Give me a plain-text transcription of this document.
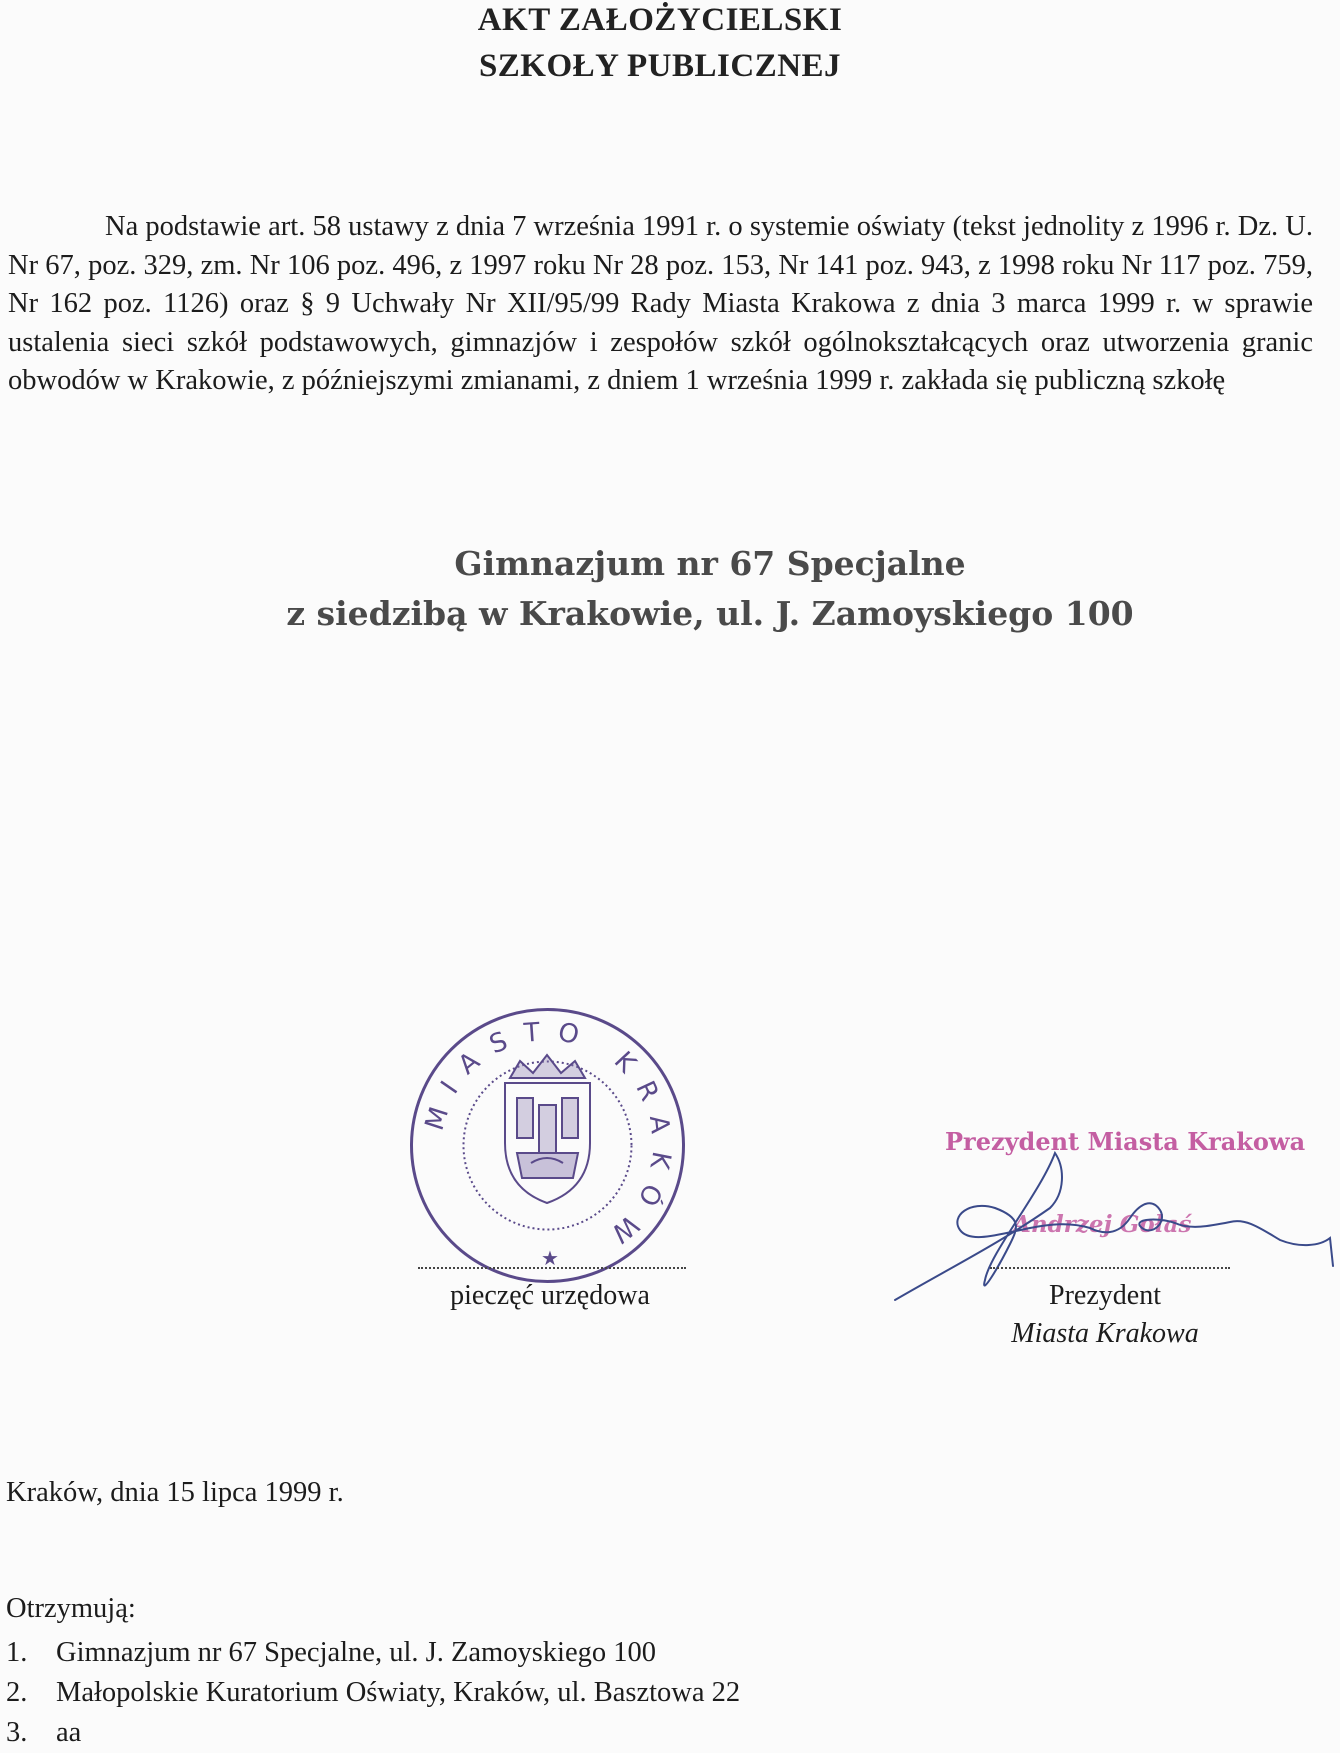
AKT ZAŁOŻYCIELSKI
SZKOŁY PUBLICZNEJ
Na podstawie art. 58 ustawy z dnia 7 września 1991 r. o systemie oświaty (tekst jednolity z 1996 r. Dz. U. Nr 67, poz. 329, zm. Nr 106 poz. 496, z 1997 roku Nr 28 poz. 153, Nr 141 poz. 943, z 1998 roku Nr 117 poz. 759, Nr 162 poz. 1126) oraz § 9 Uchwały Nr XII/95/99 Rady Miasta Krakowa z dnia 3 marca 1999 r. w sprawie ustalenia sieci szkół podstawowych, gimnazjów i zespołów szkół ogólnokształcących oraz utworzenia granic obwodów w Krakowie, z późniejszymi zmianami, z dniem 1 września 1999 r. zakłada się publiczną szkołę
Gimnazjum nr 67 Specjalne
z siedzibą w Krakowie, ul. J. Zamoyskiego 100
MIASTO KRAKÓW
★
pieczęć urzędowa
Prezydent Miasta Krakowa
Andrzej Gołaś
Prezydent
Miasta Krakowa
Kraków, dnia 15 lipca 1999 r.
Otrzymują:
1.	Gimnazjum nr 67 Specjalne, ul. J. Zamoyskiego 100
2.	Małopolskie Kuratorium Oświaty, Kraków, ul. Basztowa 22
3.	aa
